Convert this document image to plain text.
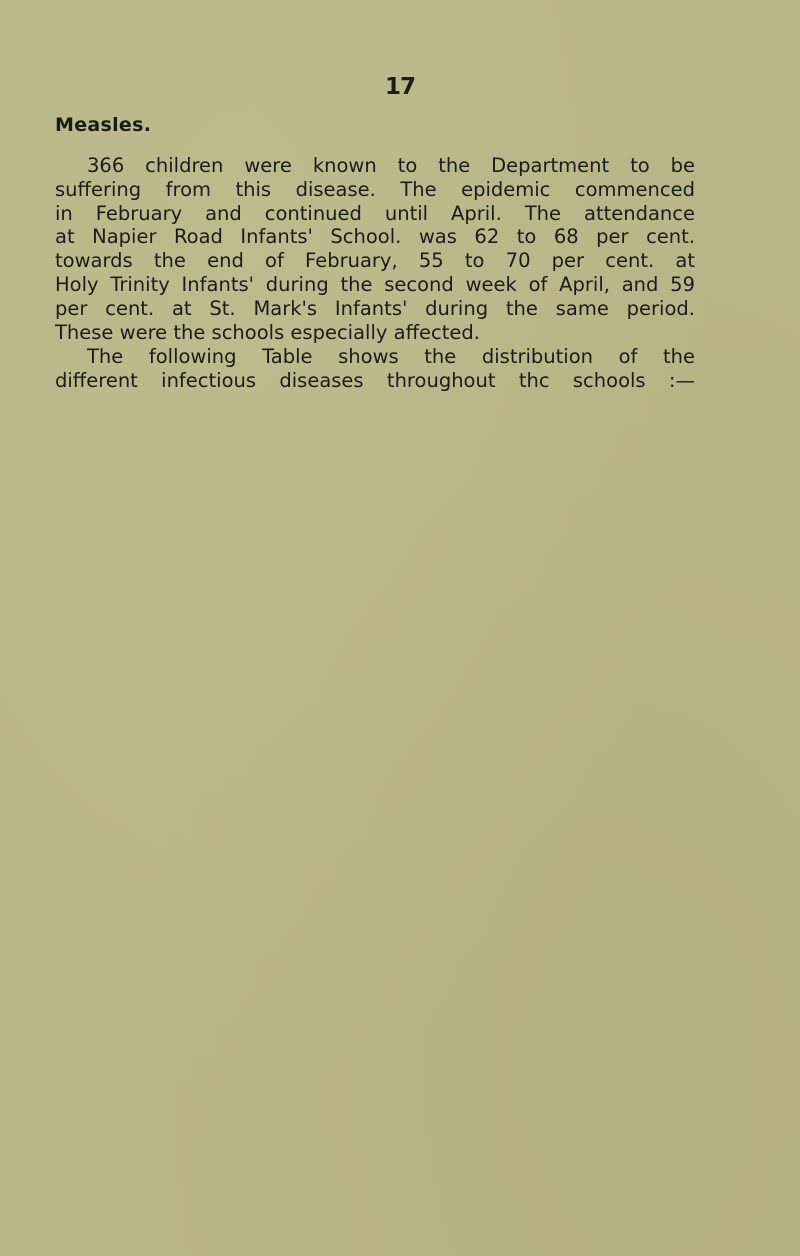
17
Measles.
366 children were known to the Department to be
suffering from this disease. The epidemic commenced
in February and continued until April. The attendance
at Napier Road Infants' School. was 62 to 68 per cent.
towards the end of February, 55 to 70 per cent. at
Holy Trinity Infants' during the second week of April, and 59
per cent. at St. Mark's Infants' during the same period.
These were the schools especially affected.
The following Table shows the distribution of the
different infectious diseases throughout thc schools :—
